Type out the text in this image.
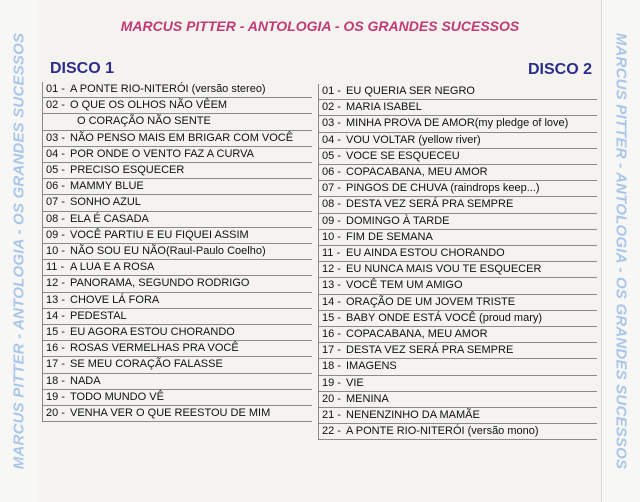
MARCUS PITTER - ANTOLOGIA - OS GRANDES SUCESSOS
MARCUS PITTER - ANTOLOGIA - OS GRANDES SUCESSOS
DISCO 1	DISCO 2
01 - A PONTE RIO-NITERÓI (versão stereo)
02 - O QUE OS OLHOS NÃO VÊEM
O CORAÇÃO NÃO SENTE
03 - NÃO PENSO MAIS EM BRIGAR COM VOCÊ
04 - POR ONDE O VENTO FAZ A CURVA
05 - PRECISO ESQUECER
06 - MAMMY BLUE
07 - SONHO AZUL
08 - ELA É CASADA
09 - VOCÊ PARTIU E EU FIQUEI ASSIM
10 - NÃO SOU EU NÃO(Raul-Paulo Coelho)
11 - A LUA E A ROSA
12 - PANORAMA, SEGUNDO RODRIGO
13 - CHOVE LÁ FORA
14 - PEDESTAL
15 - EU AGORA ESTOU CHORANDO
16 - ROSAS VERMELHAS PRA VOCÊ
17 - SE MEU CORAÇÃO FALASSE
18 - NADA
19 - TODO MUNDO VÊ
20 - VENHA VER O QUE REESTOU DE MIM
01 - EU QUERIA SER NEGRO
02 - MARIA ISABEL
03 - MINHA PROVA DE AMOR(my pledge of love)
04 - VOU VOLTAR (yellow river)
05 - VOCE SE ESQUECEU
06 - COPACABANA, MEU AMOR
07 - PINGOS DE CHUVA (raindrops keep...)
08 - DESTA VEZ SERÁ PRA SEMPRE
09 - DOMINGO À TARDE
10 - FIM DE SEMANA
11 - EU AINDA ESTOU CHORANDO
12 - EU NUNCA MAIS VOU TE ESQUECER
13 - VOCÊ TEM UM AMIGO
14 - ORAÇÃO DE UM JOVEM TRISTE
15 - BABY ONDE ESTÁ VOCÊ (proud mary)
16 - COPACABANA, MEU AMOR
17 - DESTA VEZ SERÁ PRA SEMPRE
18 - IMAGENS
19 - VIE
20 - MENINA
21 - NENENZINHO DA MAMÃE
22 - A PONTE RIO-NITERÓI (versão mono)	MARCUS PITTER - ANTOLOGIA - OS GRANDES SUCESSOS
